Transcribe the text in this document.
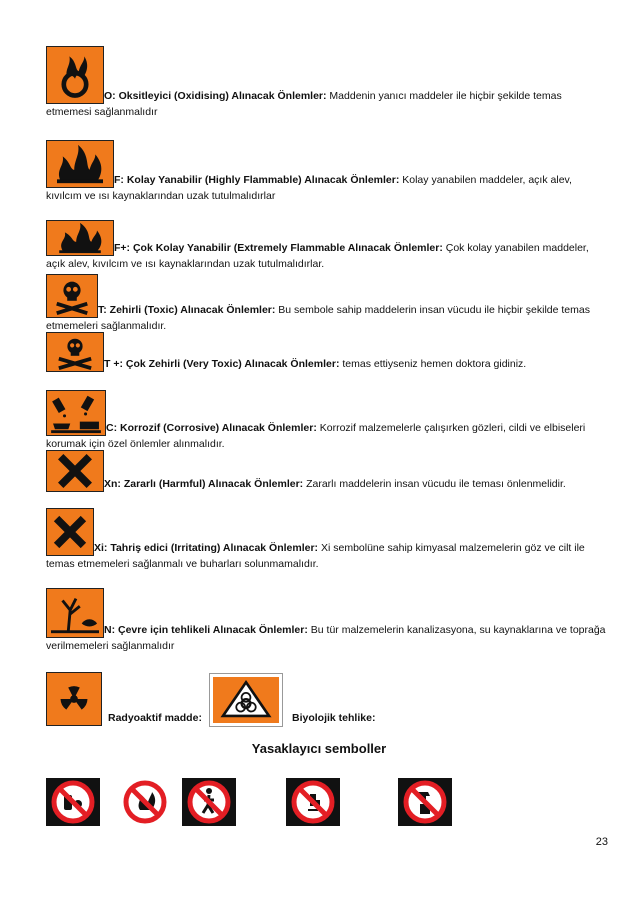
O: Oksitleyici (Oxidising) Alınacak Önlemler: Maddenin yanıcı maddeler ile hiçbir şekilde temas etmemesi sağlanmalıdır
F: Kolay Yanabilir (Highly Flammable) Alınacak Önlemler: Kolay yanabilen maddeler, açık alev, kıvılcım ve ısı kaynaklarından uzak tutulmalıdırlar
F+: Çok Kolay Yanabilir (Extremely Flammable Alınacak Önlemler: Çok kolay yanabilen maddeler, açık alev, kıvılcım ve ısı kaynaklarından uzak tutulmalıdırlar.
T: Zehirli (Toxic) Alınacak Önlemler: Bu sembole sahip maddelerin insan vücudu ile hiçbir şekilde temas etmemeleri sağlanmalıdır.
T +: Çok Zehirli (Very Toxic) Alınacak Önlemler: temas ettiyseniz hemen doktora gidiniz.
C: Korrozif (Corrosive) Alınacak Önlemler: Korrozif malzemelerle çalışırken gözleri, cildi ve elbiseleri korumak için özel önlemler alınmalıdır.
Xn: Zararlı (Harmful) Alınacak Önlemler: Zararlı maddelerin insan vücudu ile teması önlenmelidir.
Xi: Tahriş edici (Irritating) Alınacak Önlemler: Xi sembolüne sahip kimyasal malzemelerin göz ve cilt ile temas etmemeleri sağlanmalı ve buharları solunmamalıdır.
N: Çevre için tehlikeli Alınacak Önlemler: Bu tür malzemelerin kanalizasyona, su kaynaklarına ve toprağa verilmemeleri sağlanmalıdır
Radyoaktif madde:	Biyolojik tehlike:
Yasaklayıcı semboller
23
